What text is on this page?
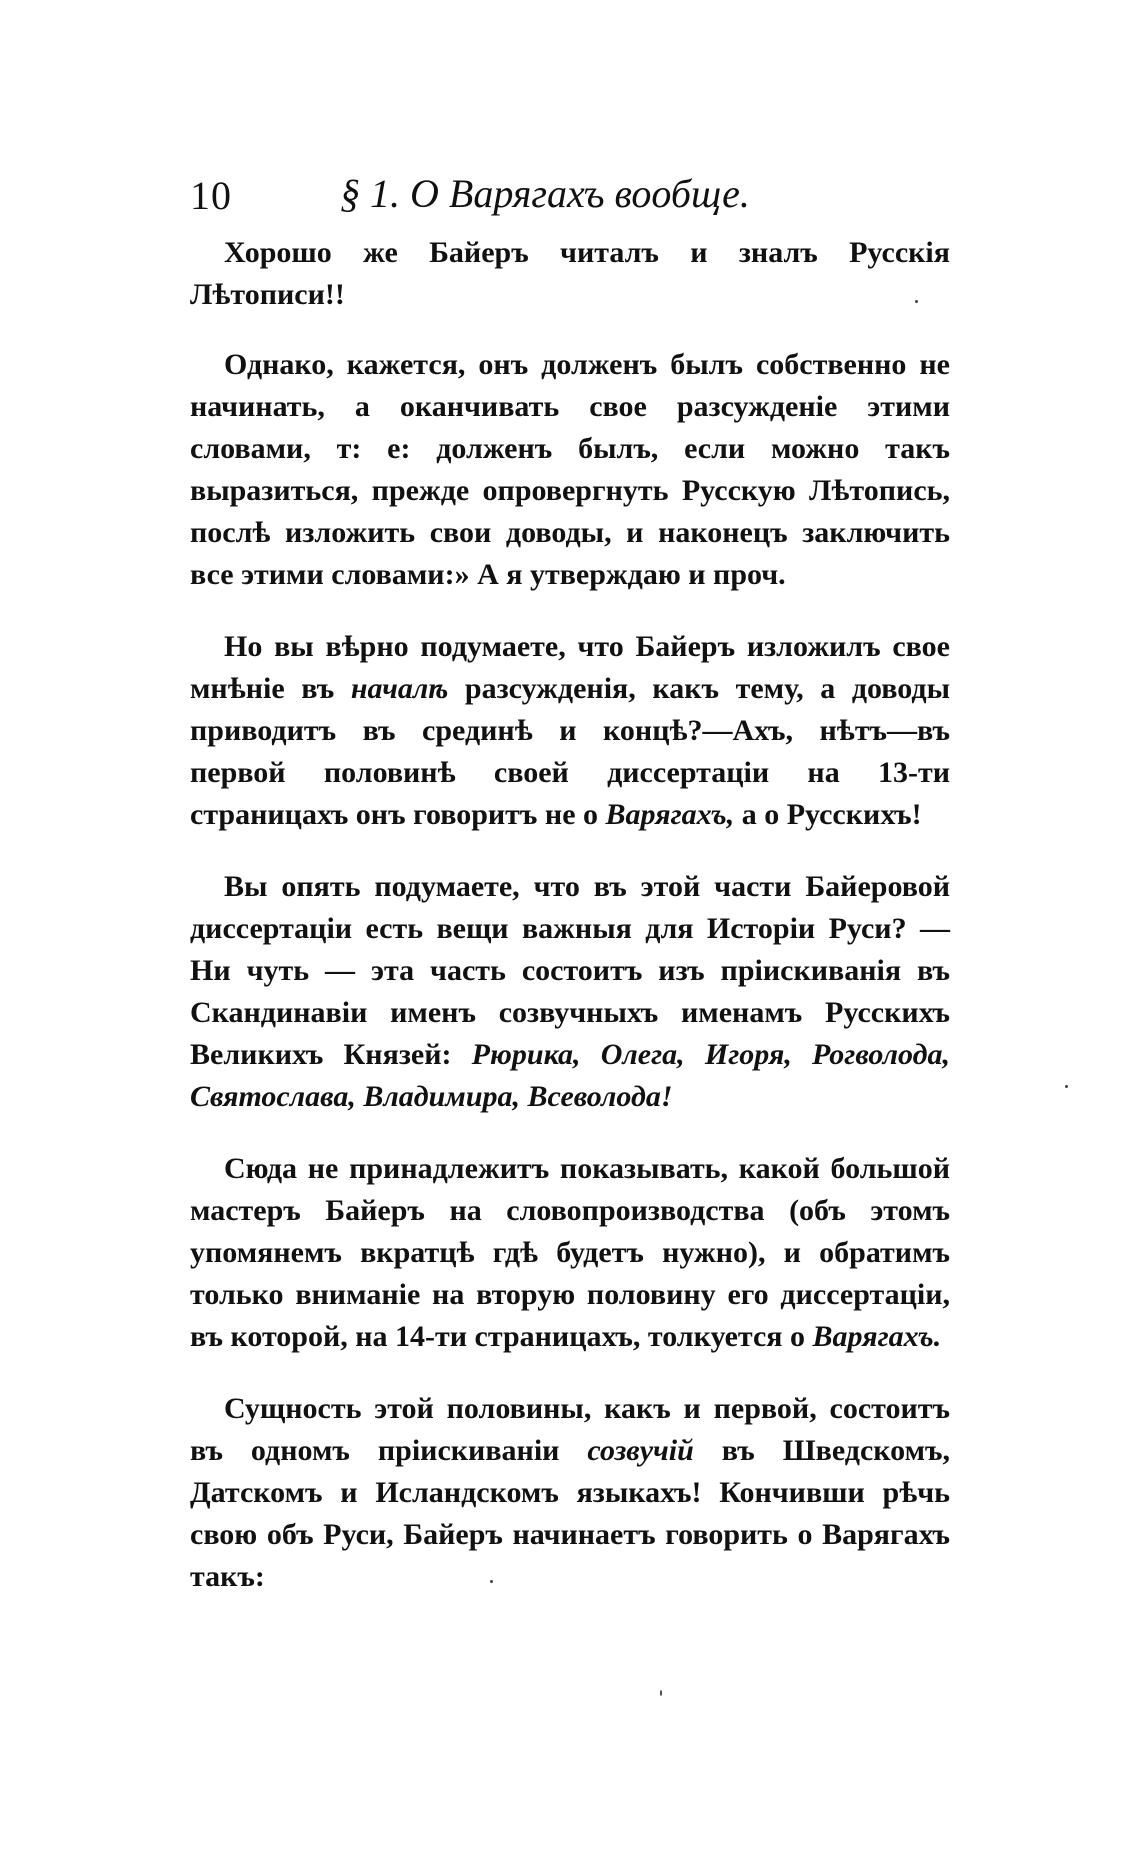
10	§ 1. О Варягахъ вообще.

Хорошо же Байеръ читалъ и зналъ Русскія Лѣтописи!!

Однако, кажется, онъ долженъ былъ собственно не начинать, а оканчивать свое разсужденіе этими словами, т: е: долженъ былъ, если можно такъ выразиться, прежде опровергнуть Русскую Лѣтопись, послѣ изложить свои доводы, и наконецъ заключить все этими словами:» А я утверждаю и проч.

Но вы вѣрно подумаете, что Байеръ изложилъ свое мнѣніе въ началѣ разсужденія, какъ тему, а доводы приводитъ въ срединѣ и концѣ?—Ахъ, нѣтъ—въ первой половинѣ своей диссертаціи на 13-ти страницахъ онъ говоритъ не о Варягахъ, а о Русскихъ!

Вы опять подумаете, что въ этой части Байеровой диссертаціи есть вещи важныя для Исторіи Руси? — Ни чуть — эта часть состоитъ изъ пріискиванія въ Скандинавіи именъ созвучныхъ именамъ Русскихъ Великихъ Князей: Рюрика, Олега, Игоря, Рогволода, Святослава, Владимира, Всеволода!

Сюда не принадлежитъ показывать, какой большой мастеръ Байеръ на словопроизводства (объ этомъ упомянемъ вкратцѣ гдѣ будетъ нужно), и обратимъ только вниманіе на вторую половину его диссертаціи, въ которой, на 14-ти страницахъ, толкуется о Варягахъ.

Сущность этой половины, какъ и первой, состоитъ въ одномъ пріискиваніи созвучій въ Шведскомъ, Датскомъ и Исландскомъ языкахъ! Кончивши рѣчь свою объ Руси, Байеръ начинаетъ говорить о Варягахъ такъ:
